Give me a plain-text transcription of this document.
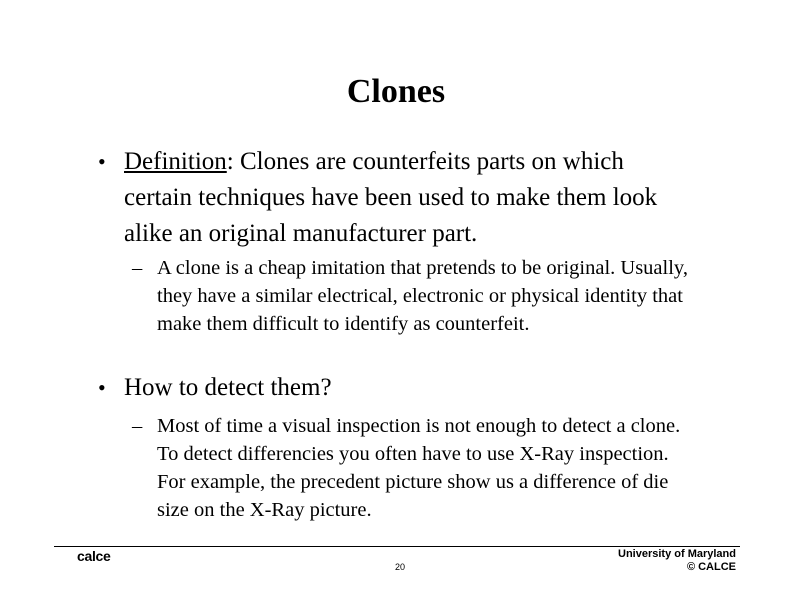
Clones
• Definition: Clones are counterfeits parts on which certain techniques have been used to make them look alike an original manufacturer part.
– A clone is a cheap imitation that pretends to be original. Usually, they have a similar electrical, electronic or physical identity that make them difficult to identify as counterfeit.
• How to detect them?
– Most of time a visual inspection is not enough to detect a clone. To detect differencies you often have to use X-Ray inspection. For example, the precedent picture show us a difference of die size on the X-Ray picture.
calce
20
University of Maryland
© CALCE
